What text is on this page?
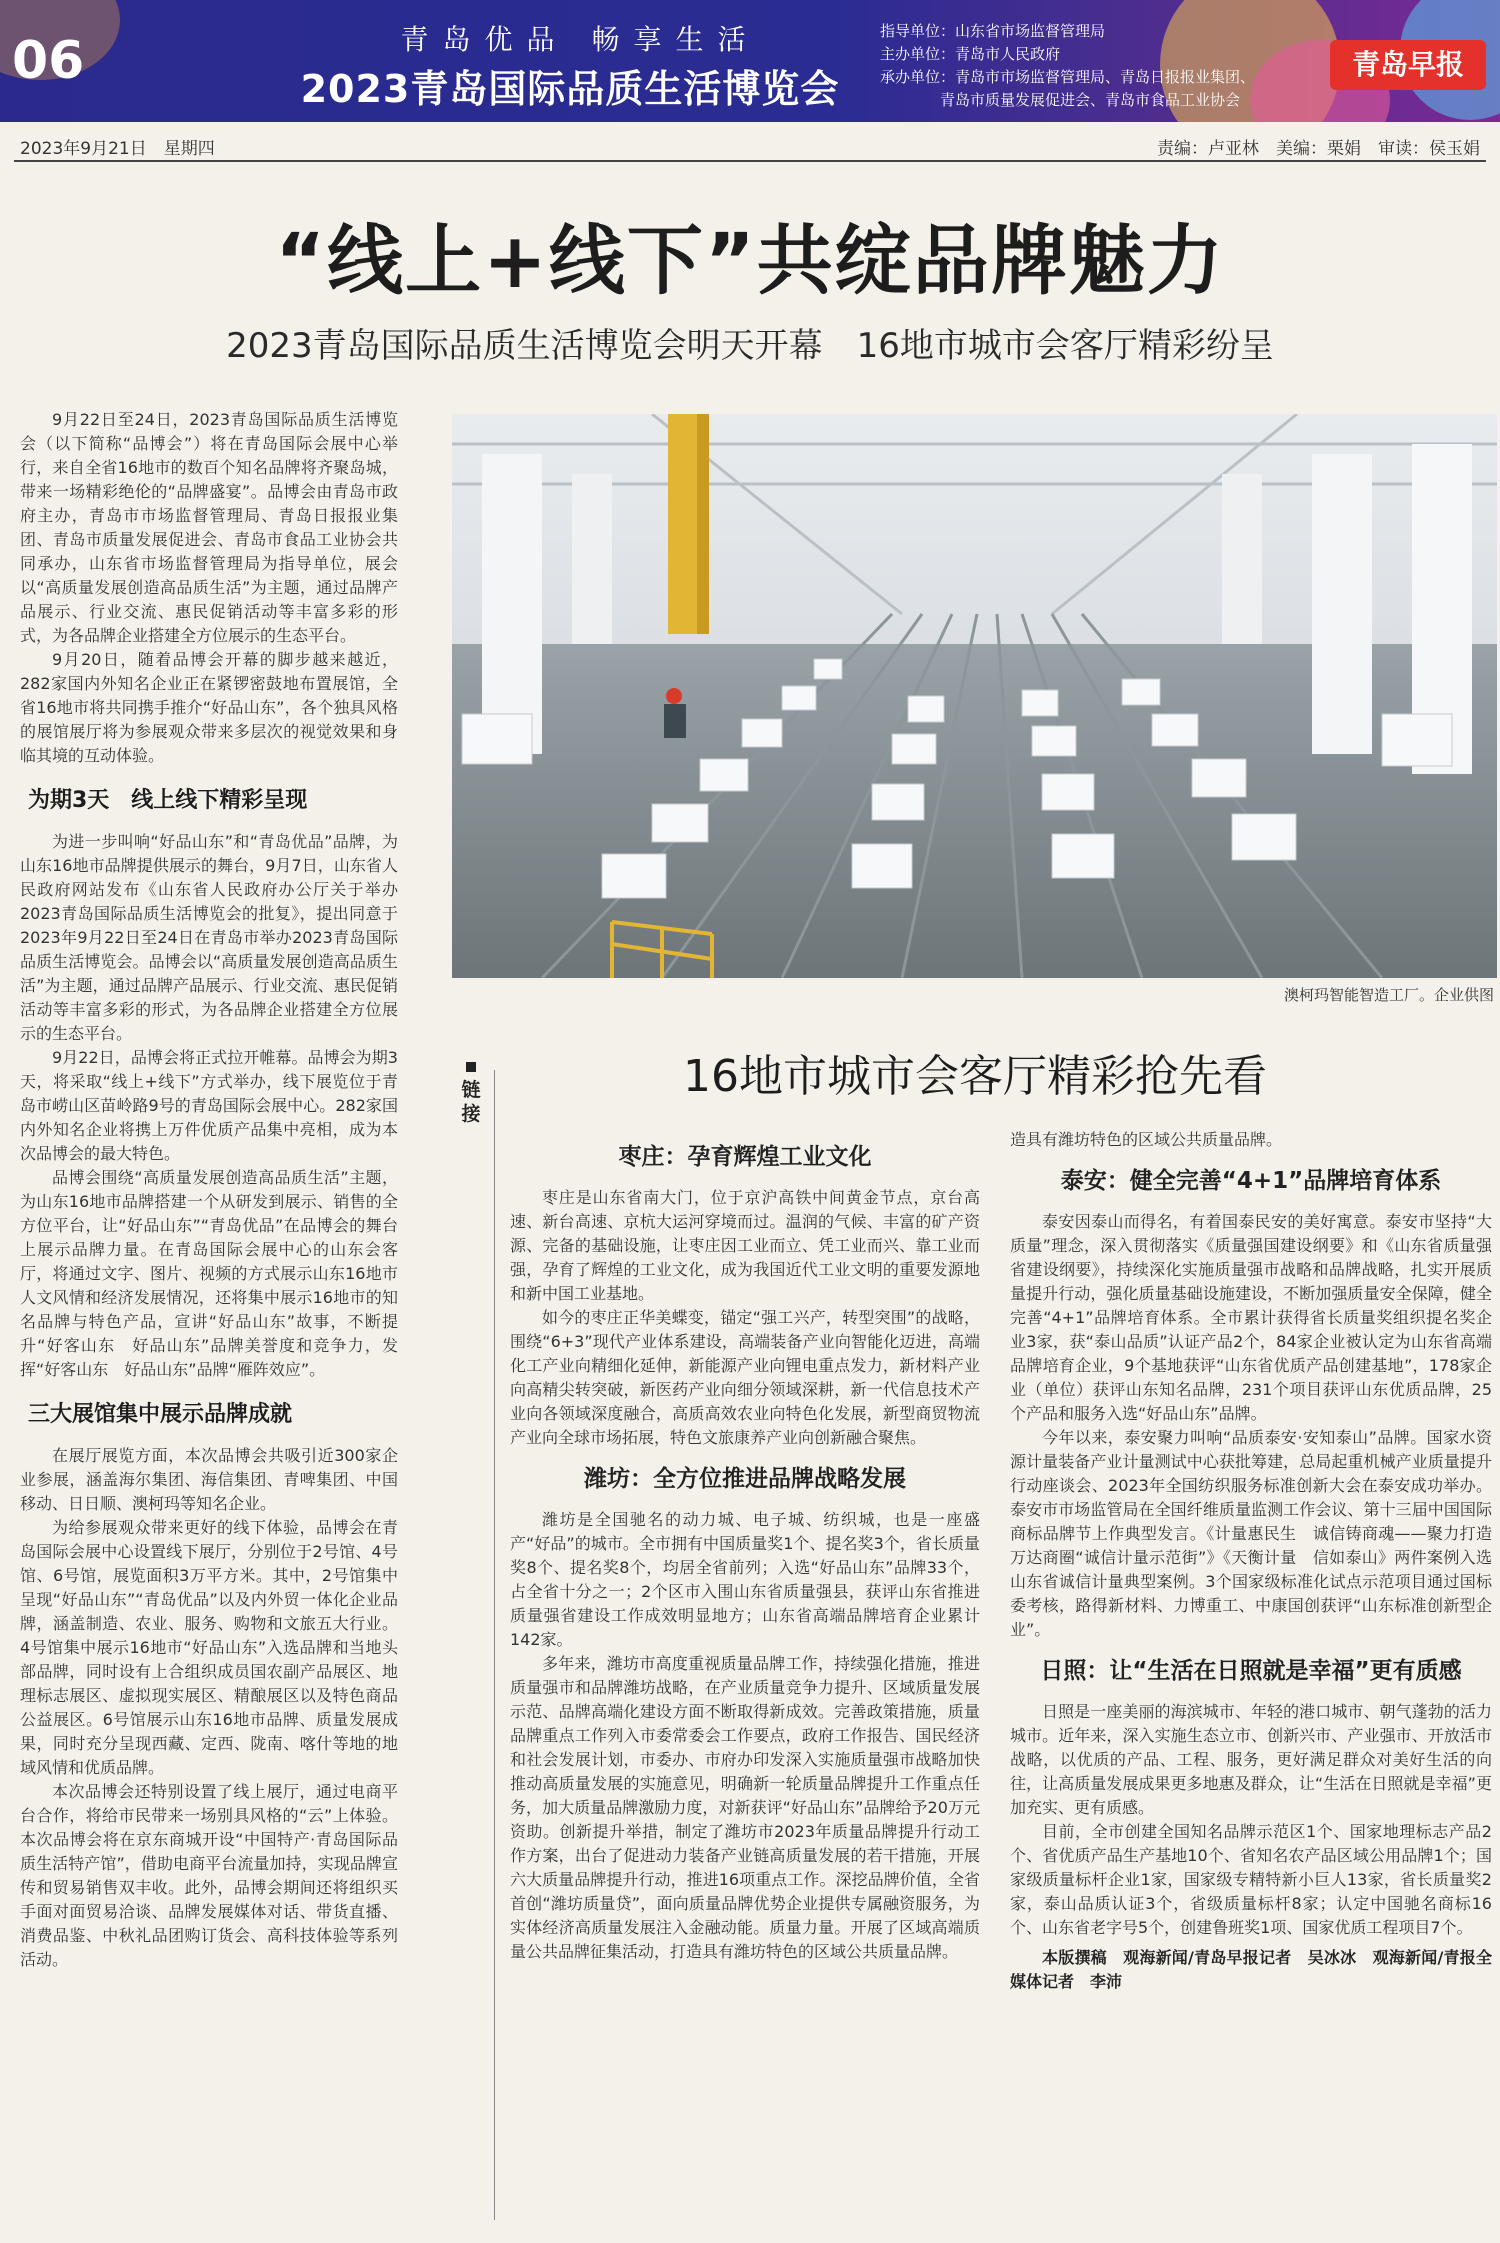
06	青岛优品 畅享生活
2023青岛国际品质生活博览会
指导单位：山东省市场监督管理局
主办单位：青岛市人民政府
承办单位：青岛市市场监督管理局、青岛日报报业集团、
青岛市质量发展促进会、青岛市食品工业协会
青岛早报
2023年9月21日　星期四	责编：卢亚林　美编：栗娟　审读：侯玉娟
“线上+线下”共绽品牌魅力
2023青岛国际品质生活博览会明天开幕　16地市城市会客厅精彩纷呈

9月22日至24日，2023青岛国际品质生活博览会（以下简称“品博会”）将在青岛国际会展中心举行，来自全省16地市的数百个知名品牌将齐聚岛城，带来一场精彩绝伦的“品牌盛宴”。品博会由青岛市政府主办，青岛市市场监督管理局、青岛日报报业集团、青岛市质量发展促进会、青岛市食品工业协会共同承办，山东省市场监督管理局为指导单位，展会以“高质量发展创造高品质生活”为主题，通过品牌产品展示、行业交流、惠民促销活动等丰富多彩的形式，为各品牌企业搭建全方位展示的生态平台。

9月20日，随着品博会开幕的脚步越来越近，282家国内外知名企业正在紧锣密鼓地布置展馆，全省16地市将共同携手推介“好品山东”，各个独具风格的展馆展厅将为参展观众带来多层次的视觉效果和身临其境的互动体验。

为期3天　线上线下精彩呈现

为进一步叫响“好品山东”和“青岛优品”品牌，为山东16地市品牌提供展示的舞台，9月7日，山东省人民政府网站发布《山东省人民政府办公厅关于举办2023青岛国际品质生活博览会的批复》，提出同意于2023年9月22日至24日在青岛市举办2023青岛国际品质生活博览会。品博会以“高质量发展创造高品质生活”为主题，通过品牌产品展示、行业交流、惠民促销活动等丰富多彩的形式，为各品牌企业搭建全方位展示的生态平台。

9月22日，品博会将正式拉开帷幕。品博会为期3天，将采取“线上+线下”方式举办，线下展览位于青岛市崂山区苗岭路9号的青岛国际会展中心。282家国内外知名企业将携上万件优质产品集中亮相，成为本次品博会的最大特色。

品博会围绕“高质量发展创造高品质生活”主题，为山东16地市品牌搭建一个从研发到展示、销售的全方位平台，让“好品山东”“青岛优品”在品博会的舞台上展示品牌力量。在青岛国际会展中心的山东会客厅，将通过文字、图片、视频的方式展示山东16地市人文风情和经济发展情况，还将集中展示16地市的知名品牌与特色产品，宣讲“好品山东”故事，不断提升“好客山东　好品山东”品牌美誉度和竞争力，发挥“好客山东　好品山东”品牌“雁阵效应”。

三大展馆集中展示品牌成就

在展厅展览方面，本次品博会共吸引近300家企业参展，涵盖海尔集团、海信集团、青啤集团、中国移动、日日顺、澳柯玛等知名企业。

为给参展观众带来更好的线下体验，品博会在青岛国际会展中心设置线下展厅，分别位于2号馆、4号馆、6号馆，展览面积3万平方米。其中，2号馆集中呈现“好品山东”“青岛优品”以及内外贸一体化企业品牌，涵盖制造、农业、服务、购物和文旅五大行业。4号馆集中展示16地市“好品山东”入选品牌和当地头部品牌，同时设有上合组织成员国农副产品展区、地理标志展区、虚拟现实展区、精酿展区以及特色商品公益展区。6号馆展示山东16地市品牌、质量发展成果，同时充分呈现西藏、定西、陇南、喀什等地的地域风情和优质品牌。

本次品博会还特别设置了线上展厅，通过电商平台合作，将给市民带来一场别具风格的“云”上体验。本次品博会将在京东商城开设“中国特产·青岛国际品质生活特产馆”，借助电商平台流量加持，实现品牌宣传和贸易销售双丰收。此外，品博会期间还将组织买手面对面贸易洽谈、品牌发展媒体对话、带货直播、消费品鉴、中秋礼品团购订货会、高科技体验等系列活动。

澳柯玛智能智造工厂。企业供图
链接
16地市城市会客厅精彩抢先看

枣庄：孕育辉煌工业文化

枣庄是山东省南大门，位于京沪高铁中间黄金节点，京台高速、新台高速、京杭大运河穿境而过。温润的气候、丰富的矿产资源、完备的基础设施，让枣庄因工业而立、凭工业而兴、靠工业而强，孕育了辉煌的工业文化，成为我国近代工业文明的重要发源地和新中国工业基地。

如今的枣庄正华美蝶变，锚定“强工兴产，转型突围”的战略，围绕“6+3”现代产业体系建设，高端装备产业向智能化迈进，高端化工产业向精细化延伸，新能源产业向锂电重点发力，新材料产业向高精尖转突破，新医药产业向细分领域深耕，新一代信息技术产业向各领域深度融合，高质高效农业向特色化发展，新型商贸物流产业向全球市场拓展，特色文旅康养产业向创新融合聚焦。

潍坊：全方位推进品牌战略发展

潍坊是全国驰名的动力城、电子城、纺织城，也是一座盛产“好品”的城市。全市拥有中国质量奖1个、提名奖3个，省长质量奖8个、提名奖8个，均居全省前列；入选“好品山东”品牌33个，占全省十分之一；2个区市入围山东省质量强县，获评山东省推进质量强省建设工作成效明显地方；山东省高端品牌培育企业累计142家。

多年来，潍坊市高度重视质量品牌工作，持续强化措施，推进质量强市和品牌潍坊战略，在产业质量竞争力提升、区域质量发展示范、品牌高端化建设方面不断取得新成效。完善政策措施，质量品牌重点工作列入市委常委会工作要点，政府工作报告、国民经济和社会发展计划，市委办、市府办印发深入实施质量强市战略加快推动高质量发展的实施意见，明确新一轮质量品牌提升工作重点任务，加大质量品牌激励力度，对新获评“好品山东”品牌给予20万元资助。创新提升举措，制定了潍坊市2023年质量品牌提升行动工作方案，出台了促进动力装备产业链高质量发展的若干措施，开展六大质量品牌提升行动，推进16项重点工作。深挖品牌价值，全省首创“潍坊质量贷”，面向质量品牌优势企业提供专属融资服务，为实体经济高质量发展注入金融动能。质量力量。开展了区域高端质量公共品牌征集活动，打造具有潍坊特色的区域公共质量品牌。

造具有潍坊特色的区域公共质量品牌。

泰安：健全完善“4+1”品牌培育体系

泰安因泰山而得名，有着国泰民安的美好寓意。泰安市坚持“大质量”理念，深入贯彻落实《质量强国建设纲要》和《山东省质量强省建设纲要》，持续深化实施质量强市战略和品牌战略，扎实开展质量提升行动，强化质量基础设施建设，不断加强质量安全保障，健全完善“4+1”品牌培育体系。全市累计获得省长质量奖组织提名奖企业3家，获“泰山品质”认证产品2个，84家企业被认定为山东省高端品牌培育企业，9个基地获评“山东省优质产品创建基地”，178家企业（单位）获评山东知名品牌，231个项目获评山东优质品牌，25个产品和服务入选“好品山东”品牌。

今年以来，泰安聚力叫响“品质泰安·安知泰山”品牌。国家水资源计量装备产业计量测试中心获批筹建，总局起重机械产业质量提升行动座谈会、2023年全国纺织服务标准创新大会在泰安成功举办。泰安市市场监管局在全国纤维质量监测工作会议、第十三届中国国际商标品牌节上作典型发言。《计量惠民生　诚信铸商魂——聚力打造万达商圈“诚信计量示范街”》《天衡计量　信如泰山》两件案例入选山东省诚信计量典型案例。3个国家级标准化试点示范项目通过国标委考核，路得新材料、力博重工、中康国创获评“山东标准创新型企业”。

日照：让“生活在日照就是幸福”更有质感

日照是一座美丽的海滨城市、年轻的港口城市、朝气蓬勃的活力城市。近年来，深入实施生态立市、创新兴市、产业强市、开放活市战略，以优质的产品、工程、服务，更好满足群众对美好生活的向往，让高质量发展成果更多地惠及群众，让“生活在日照就是幸福”更加充实、更有质感。

目前，全市创建全国知名品牌示范区1个、国家地理标志产品2个、省优质产品生产基地10个、省知名农产品区域公用品牌1个；国家级质量标杆企业1家，国家级专精特新小巨人13家，省长质量奖2家，泰山品质认证3个，省级质量标杆8家；认定中国驰名商标16个、山东省老字号5个，创建鲁班奖1项、国家优质工程项目7个。

本版撰稿　观海新闻/青岛早报记者　吴冰冰　观海新闻/青报全媒体记者　李沛
